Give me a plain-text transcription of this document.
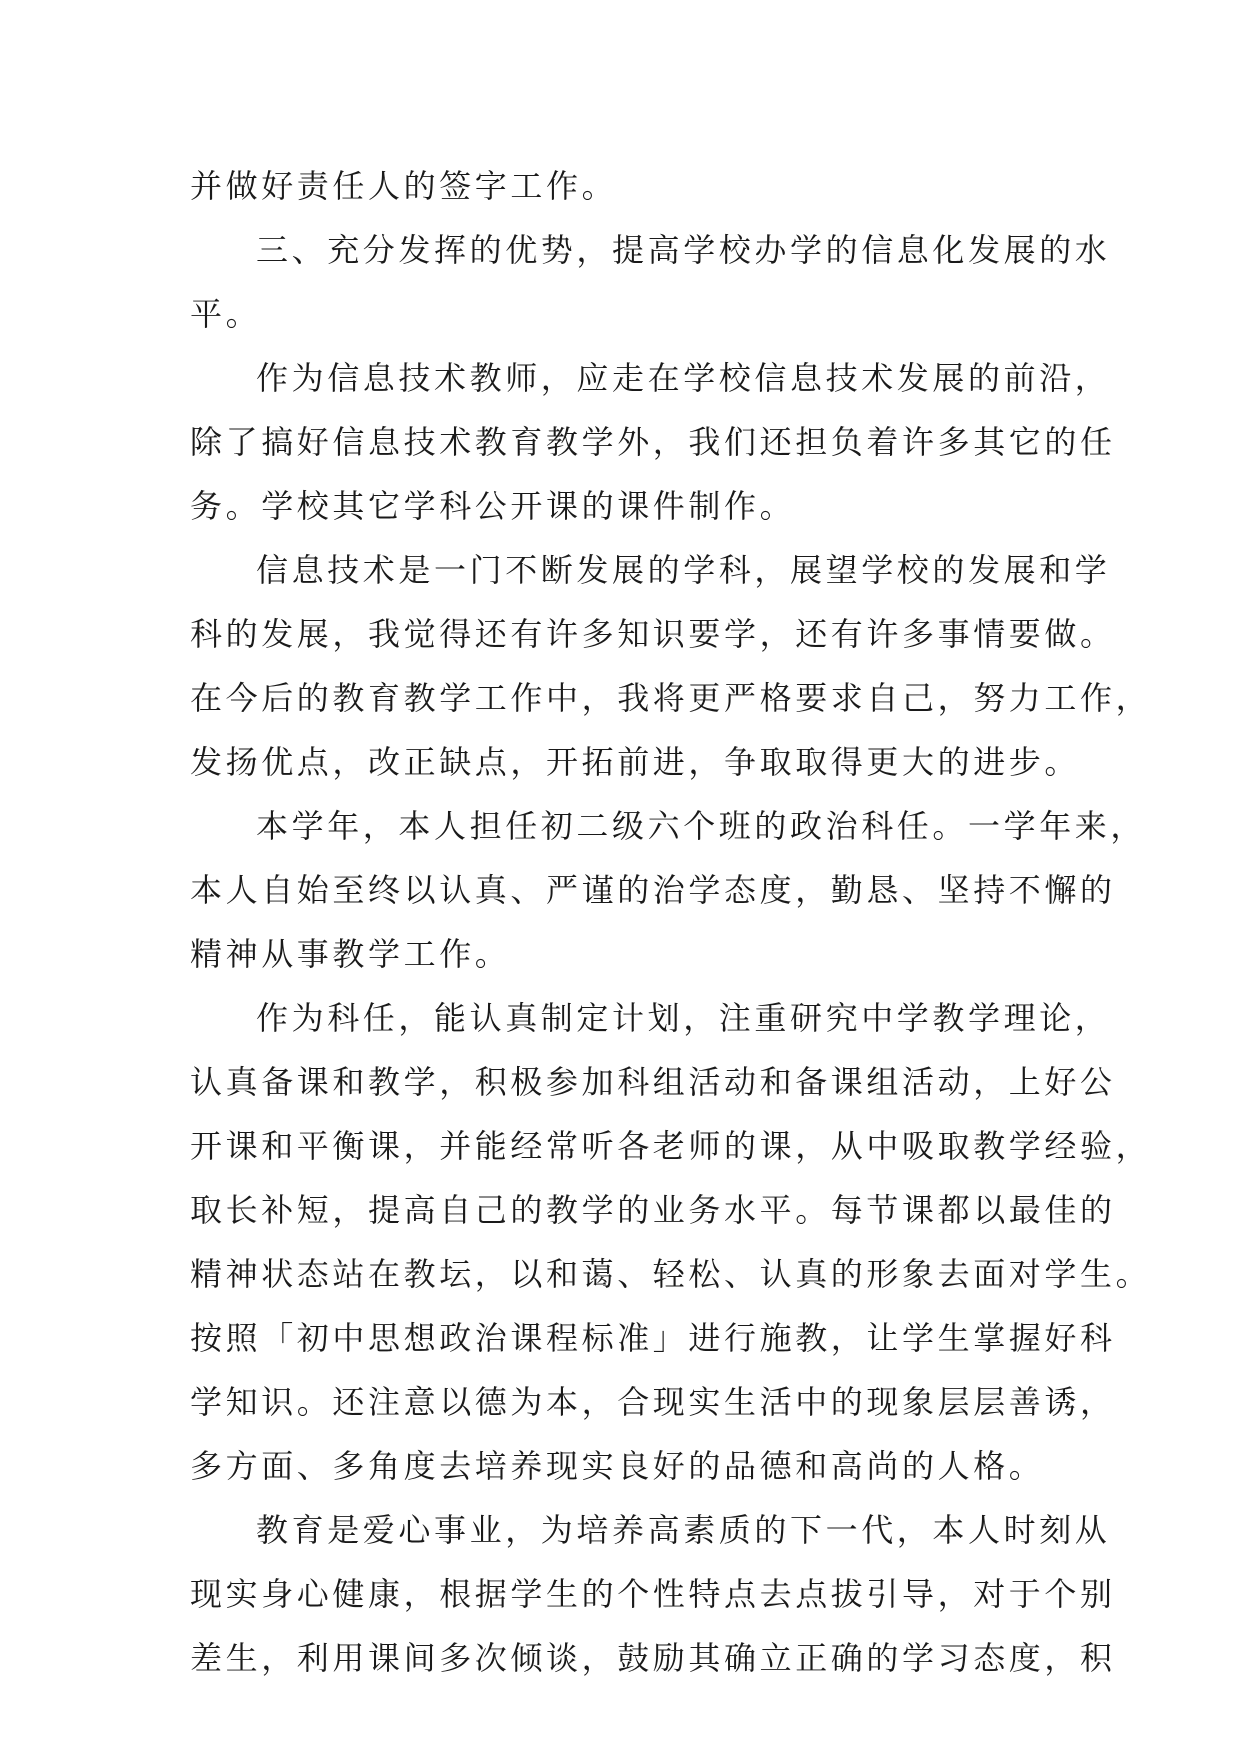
并做好责任人的签字工作。
三、充分发挥的优势，提高学校办学的信息化发展的水
平。
作为信息技术教师，应走在学校信息技术发展的前沿，
除了搞好信息技术教育教学外，我们还担负着许多其它的任
务。学校其它学科公开课的课件制作。
信息技术是一门不断发展的学科，展望学校的发展和学
科的发展，我觉得还有许多知识要学，还有许多事情要做。
在今后的教育教学工作中，我将更严格要求自己，努力工作，
发扬优点，改正缺点，开拓前进，争取取得更大的进步。
本学年，本人担任初二级六个班的政治科任。一学年来，
本人自始至终以认真、严谨的治学态度，勤恳、坚持不懈的
精神从事教学工作。
作为科任，能认真制定计划，注重研究中学教学理论，
认真备课和教学，积极参加科组活动和备课组活动，上好公
开课和平衡课，并能经常听各老师的课，从中吸取教学经验，
取长补短，提高自己的教学的业务水平。每节课都以最佳的
精神状态站在教坛，以和蔼、轻松、认真的形象去面对学生。
按照「初中思想政治课程标准」进行施教，让学生掌握好科
学知识。还注意以德为本，合现实生活中的现象层层善诱，
多方面、多角度去培养现实良好的品德和高尚的人格。
教育是爱心事业，为培养高素质的下一代，本人时刻从
现实身心健康，根据学生的个性特点去点拔引导，对于个别
差生，利用课间多次倾谈，鼓励其确立正确的学习态度，积
